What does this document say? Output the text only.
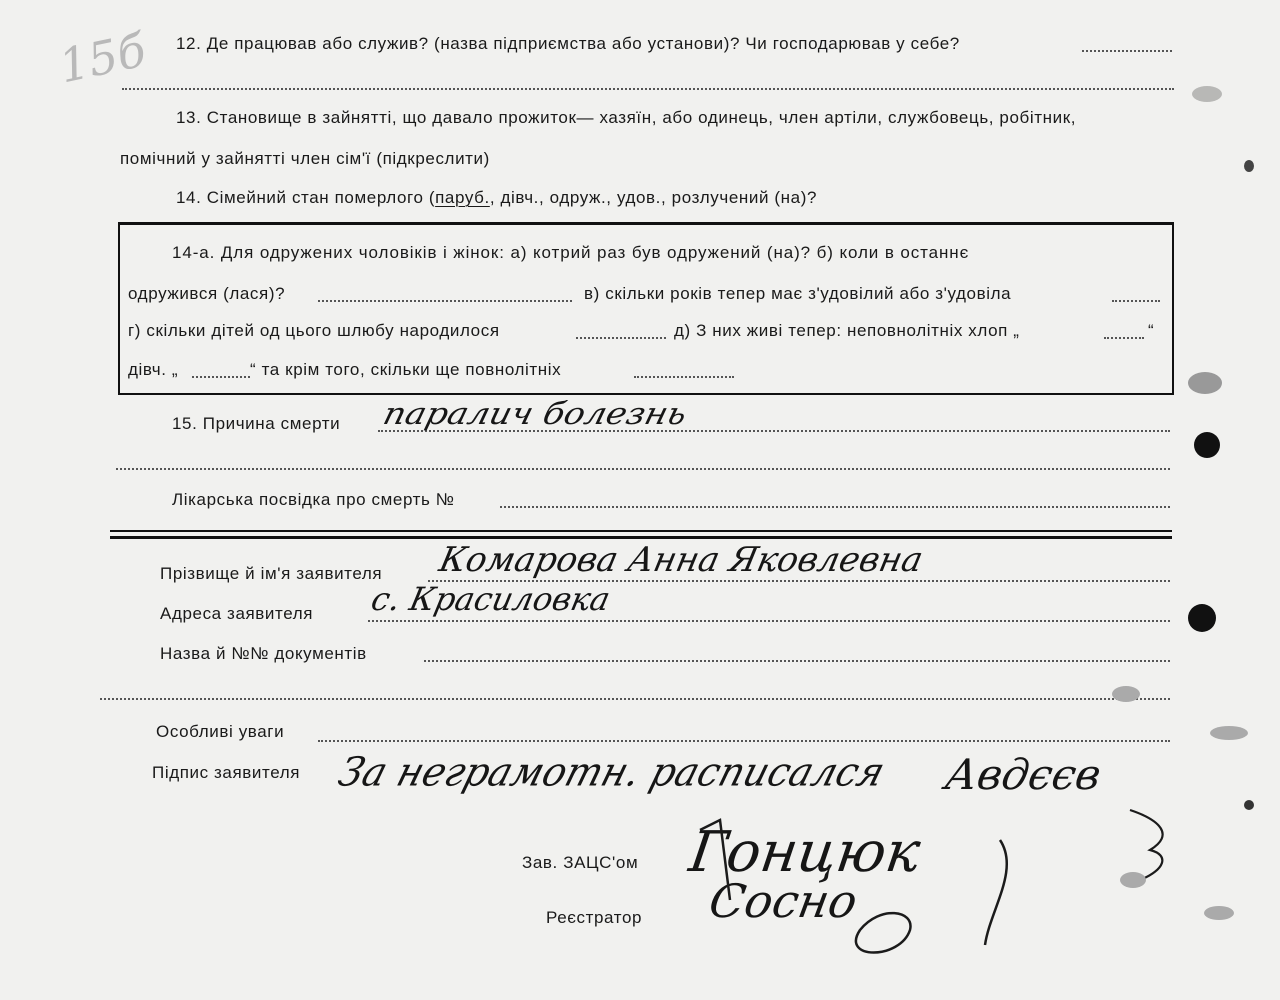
15б 12. Де працював або служив? (назва підприємства або установи)? Чи господарював у себе?
13. Становище в зайнятті, що давало прожиток— хазяїн, або одинець, член артіли, службовець, робітник,
помічний у зайнятті член сім'ї (підкреслити)
14. Сімейний стан померлого (паруб., дівч., одруж., удов., розлучений (на)?
14-а. Для одружених чоловіків і жінок: а) котрий раз був одружений (на)? б) коли в останнє
одружився (лася)?	в) скільки років тепер має з'удовілий або з'удовіла
г) скільки дітей од цього шлюбу народилося	д) З них живі тепер: неповнолітніх хлоп „	“
дівч. „	“ та крім того, скільки ще повнолітніх
15. Причина смерти паралич болезнь
Лікарська посвідка про смерть №
Прізвище й ім'я заявителя Комарова Анна Яковлевна
Адреса заявителя с. Красиловка
Назва й №№ документів
Особливі уваги
Підпис заявителя За неграмотн. расписался Авдєєв
Зав. ЗАЦС'ом Гонцюк
Реєстратор Сосно
